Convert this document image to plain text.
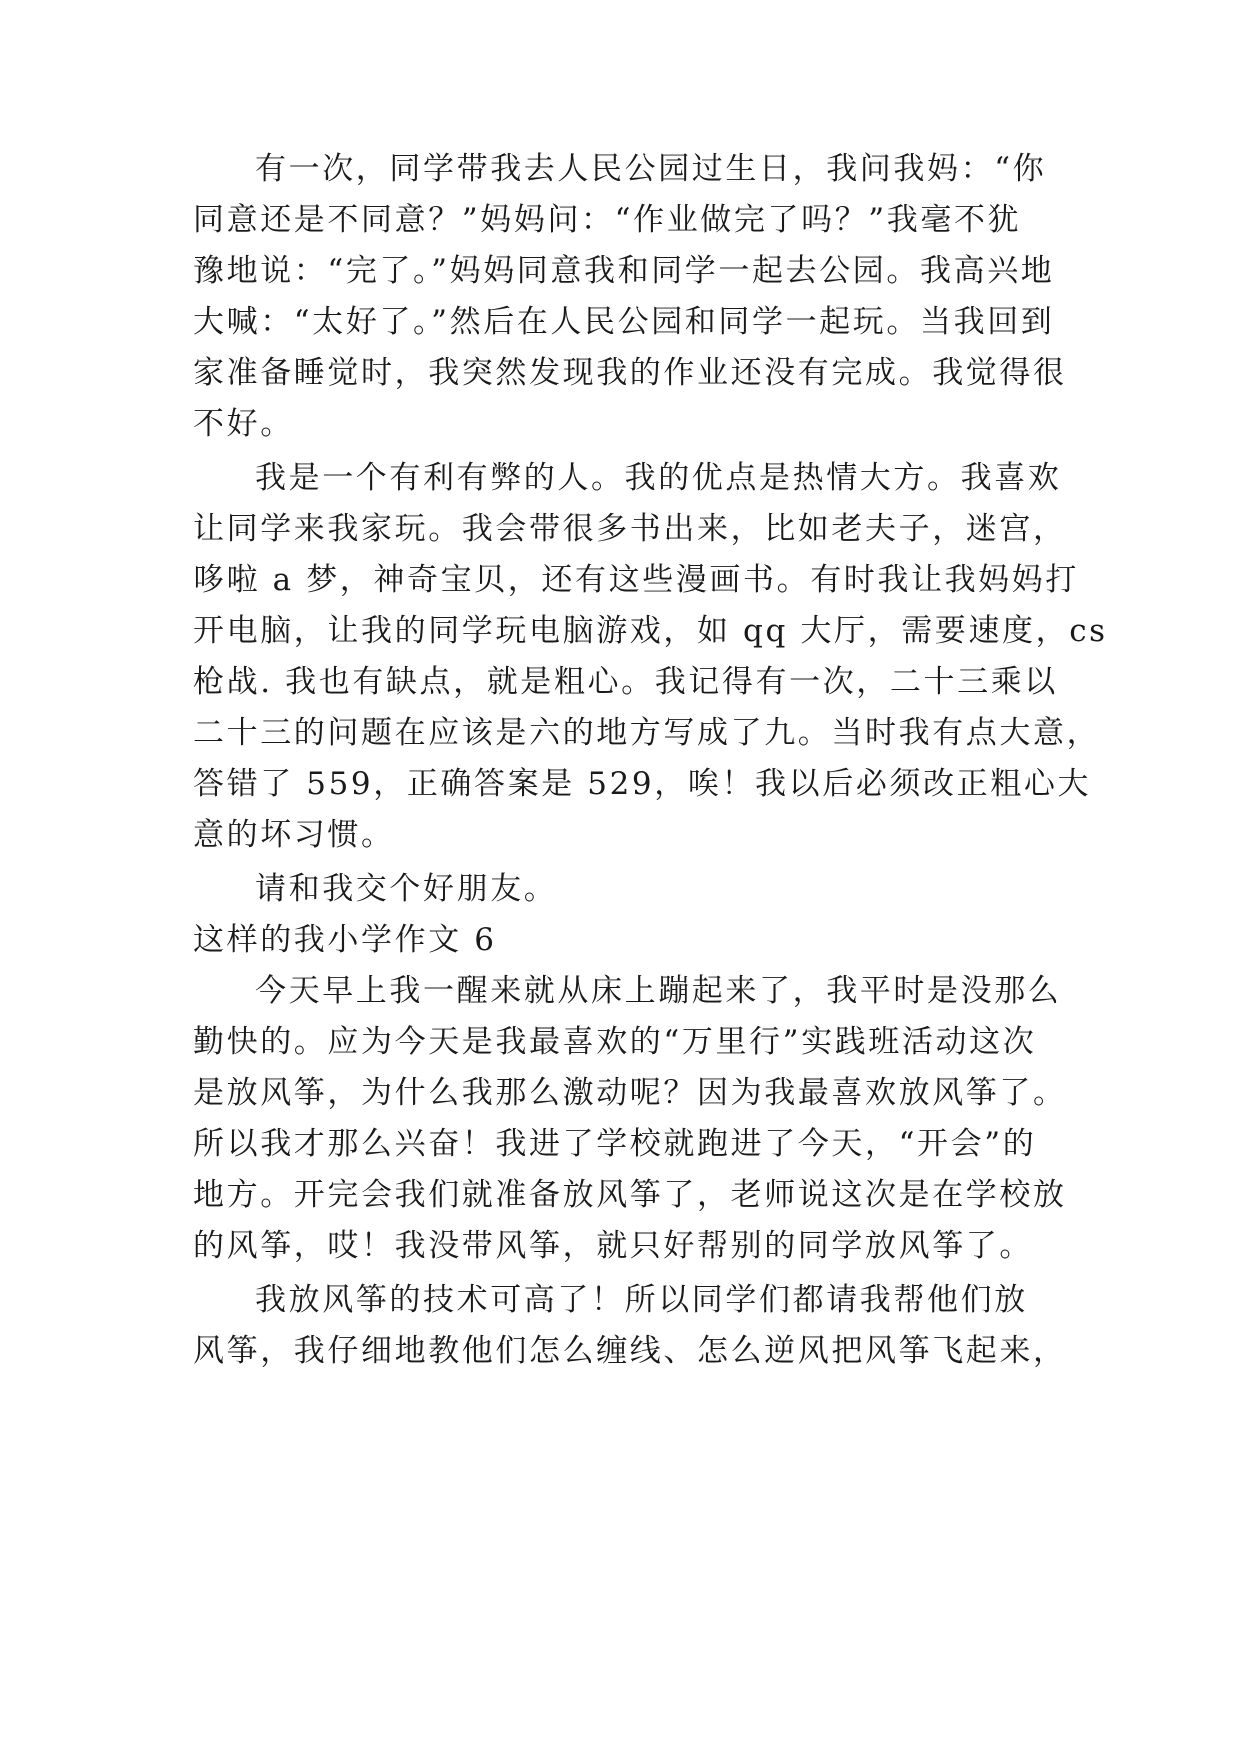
有一次，同学带我去人民公园过生日，我问我妈：“你
同意还是不同意？”妈妈问：“作业做完了吗？”我毫不犹
豫地说：“完了。”妈妈同意我和同学一起去公园。我高兴地
大喊：“太好了。”然后在人民公园和同学一起玩。当我回到
家准备睡觉时，我突然发现我的作业还没有完成。我觉得很
不好。
我是一个有利有弊的人。我的优点是热情大方。我喜欢
让同学来我家玩。我会带很多书出来，比如老夫子，迷宫，
哆啦 a 梦，神奇宝贝，还有这些漫画书。有时我让我妈妈打
开电脑，让我的同学玩电脑游戏，如 qq 大厅，需要速度，cs
枪战. 我也有缺点，就是粗心。我记得有一次，二十三乘以
二十三的问题在应该是六的地方写成了九。当时我有点大意，
答错了 559，正确答案是 529，唉！我以后必须改正粗心大
意的坏习惯。
请和我交个好朋友。
这样的我小学作文 6
今天早上我一醒来就从床上蹦起来了，我平时是没那么
勤快的。应为今天是我最喜欢的“万里行”实践班活动这次
是放风筝，为什么我那么激动呢？因为我最喜欢放风筝了。
所以我才那么兴奋！我进了学校就跑进了今天，“开会”的
地方。开完会我们就准备放风筝了，老师说这次是在学校放
的风筝，哎！我没带风筝，就只好帮别的同学放风筝了。
我放风筝的技术可高了！所以同学们都请我帮他们放
风筝，我仔细地教他们怎么缠线、怎么逆风把风筝飞起来，
